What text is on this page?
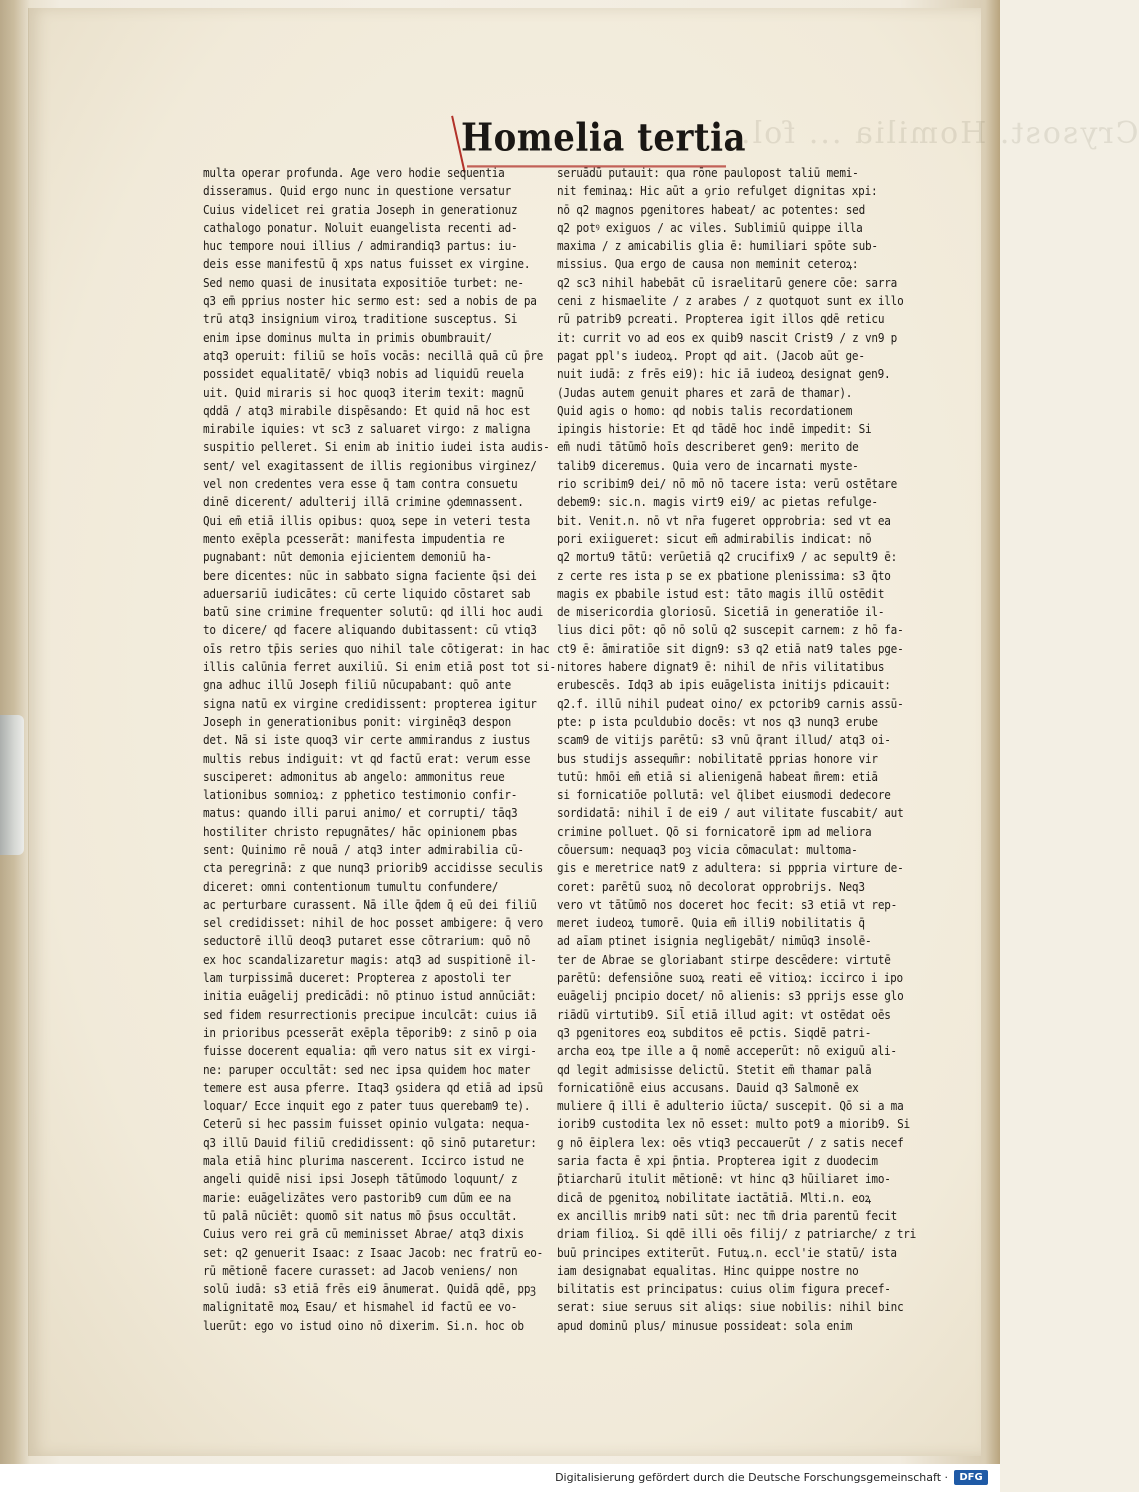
Crysost. Homilia ... fol.
Homelia tertia
multa operar profunda. Age vero hodie sequentia
disseramus. Quid ergo nunc in questione versatur
Cuius videlicet rei gratia Joseph in generationuz
cathalogo ponatur. Noluit euangelista recenti ad-
huc tempore noui illius / admirandiq3 partus: iu-
deis esse manifestū q̄ xps natus fuisset ex virgine.
Sed nemo quasi de inusitata expositiōe turbet: ne-
q3 em̄ pprius noster hic sermo est: sed a nobis de pa
trū atq3 insignium viroꝝ traditione susceptus. Si
enim ipse dominus multa in primis obumbrauit/
atq3 operuit: filiū se hoīs vocās: necillā quā cū p̄re
possidet equalitatē/ vbiq3 nobis ad liquidū reuela
uit. Quid miraris si hoc quoq3 iterim texit: magnū
qddā / atq3 mirabile dispēsando: Et quid nā hoc est
mirabile iquies: vt sc3 z saluaret virgo: z maligna
suspitio pelleret. Si enim ab initio iudei ista audis-
sent/ vel exagitassent de illis regionibus virginez/
vel non credentes vera esse q̄ tam contra consuetu
dinē dicerent/ adulterij illā crimine ꝯdemnassent.
Qui em̄ etiā illis opibus: quoꝝ sepe in veteri testa
mento exēpla pcesserāt: manifesta impudentia re
pugnabant: nūt demonia ejicientem demoniū ha-
bere dicentes: nūc in sabbato signa faciente q̄si dei
aduersariū iudicātes: cū certe liquido cōstaret sab
batū sine crimine frequenter solutū: qd illi hoc audi
to dicere/ qd facere aliquando dubitassent: cū vtiq3
oīs retro tp̄is series quo nihil tale cōtigerat: in hac
illis calūnia ferret auxiliū. Si enim etiā post tot si-
gna adhuc illū Joseph filiū nūcupabant: quō ante
signa natū ex virgine credidissent: propterea igitur
Joseph in generationibus ponit: virginēq3 despon
det. Nā si iste quoq3 vir certe ammirandus z iustus
multis rebus indiguit: vt qd factū erat: verum esse
susciperet: admonitus ab angelo: ammonitus reue
lationibus somnioꝝ: z pphetico testimonio confir-
matus: quando illi parui animo/ et corrupti/ tāq3
hostiliter christo repugnātes/ hāc opinionem pbas
sent: Quinimo rē nouā / atq3 inter admirabilia cū-
cta peregrinā: z que nunq3 priorib9 accidisse seculis
diceret: omni contentionum tumultu confundere/
ac perturbare curassent. Nā ille q̄dem q̄ eū dei filiū
sel credidisset: nihil de hoc posset ambigere: q̄ vero
seductorē illū deoq3 putaret esse cōtrarium: quō nō
ex hoc scandalizaretur magis: atq3 ad suspitionē il-
lam turpissimā duceret: Propterea z apostoli ter
initia euāgelij predicādi: nō ptinuo istud annūciāt:
sed fidem resurrectionis precipue inculcāt: cuius iā
in prioribus pcesserāt exēpla tēporib9: z sinō p oia
fuisse docerent equalia: qm̄ vero natus sit ex virgi-
ne: paruper occultāt: sed nec ipsa quidem hoc mater
temere est ausa pferre. Itaq3 ꝯsidera qd etiā ad ipsū
loquar/ Ecce inquit ego z pater tuus querebam9 te).
Ceterū si hec passim fuisset opinio vulgata: nequa-
q3 illū Dauid filiū credidissent: qō sinō putaretur:
mala etiā hinc plurima nascerent. Iccirco istud ne
angeli quidē nisi ipsi Joseph tātūmodo loquunt/ z
marie: euāgelizātes vero pastorib9 cum dūm ee na
tū palā nūciēt: quomō sit natus mō p̄sus occultāt.
Cuius vero rei grā cū meminisset Abrae/ atq3 dixis
set: q2 genuerit Isaac: z Isaac Jacob: nec fratrū eo-
rū mētionē facere curasset: ad Jacob veniens/ non
solū iudā: s3 etiā frēs ei9 ānumerat. Quidā qdē, ppꝫ
malignitatē moꝝ Esau/ et hismahel id factū ee vo-
luerūt: ego vo istud oino nō dixerim. Si.n. hoc ob
seruādū putauit: qua rōne paulopost taliū memi-
nit feminaꝝ: Hic aūt a ꝯrio refulget dignitas xpi:
nō q2 magnos pgenitores habeat/ ac potentes: sed
q2 potꝰ exiguos / ac viles. Sublimiū quippe illa
maxima / z amicabilis glia ē: humiliari spōte sub-
missius. Qua ergo de causa non meminit ceteroꝝ:
q2 sc3 nihil habebāt cū israelitarū genere cōe: sarra
ceni z hismaelite / z arabes / z quotquot sunt ex illo
rū patrib9 pcreati. Propterea igit illos qdē reticu
it: currit vo ad eos ex quib9 nascit Crist9 / z vn9 p
pagat ppl's iudeoꝝ. Propt qd ait. (Jacob aūt ge-
nuit iudā: z frēs ei9): hic iā iudeoꝝ designat gen9.
(Judas autem genuit phares et zarā de thamar).
Quid agis o homo: qd nobis talis recordationem
ipingis historie: Et qd tādē hoc indē impedit: Si
em̄ nudi tātūmō hoīs describeret gen9: merito de
talib9 diceremus. Quia vero de incarnati myste-
rio scribim9 dei/ nō mō nō tacere ista: verū ostētare
debem9: sic.n. magis virt9 ei9/ ac pietas refulge-
bit. Venit.n. nō vt nr̄a fugeret opprobria: sed vt ea
pori exiigueret: sicut em̄ admirabilis indicat: nō
q2 mortu9 tātū: verūetiā q2 crucifix9 / ac sepult9 ē:
z certe res ista p se ex pbatione plenissima: s3 q̄to
magis ex pbabile istud est: tāto magis illū ostēdit
de misericordia gloriosū. Sicetiā in generatiōe il-
lius dici pōt: qō nō solū q2 suscepit carnem: z hō fa-
ct9 ē: āmiratiōe sit dign9: s3 q2 etiā nat9 tales pge-
nitores habere dignat9 ē: nihil de nr̄is vilitatibus
erubescēs. Idq3 ab ipis euāgelista initijs pdicauit:
q2.f. illū nihil pudeat oino/ ex pctorib9 carnis assū-
pte: p ista pculdubio docēs: vt nos q3 nunq3 erube
scam9 de vitijs parētū: s3 vnū q̄rant illud/ atq3 oi-
bus studijs assequm̄r: nobilitatē pprias honore vir
tutū: hmōi em̄ etiā si alienigenā habeat m̄rem: etiā
si fornicatiōe pollutā: vel q̄libet eiusmodi dedecore
sordidatā: nihil ī de ei9 / aut vilitate fuscabit/ aut
crimine polluet. Qō si fornicatorē ipm ad meliora
cōuersum: nequaq3 poꝫ vicia cōmaculat: multoma-
gis e meretrice nat9 z adultera: si pppria virture de-
coret: parētū suoꝝ nō decolorat opprobrijs. Neq3
vero vt tātūmō nos doceret hoc fecit: s3 etiā vt rep-
meret iudeoꝝ tumorē. Quia em̄ illi9 nobilitatis q̄
ad aīam ptinet isignia negligebāt/ nimūq3 insolē-
ter de Abrae se gloriabant stirpe descēdere: virtutē
parētū: defensiōne suoꝝ reati eē vitioꝝ: iccirco i ipo
euāgelij pncipio docet/ nō alienis: s3 pprijs esse glo
riādū virtutib9. Sil̄ etiā illud agit: vt ostēdat oēs
q3 pgenitores eoꝝ subditos eē pctis. Siqdē patri-
archa eoꝝ tpe ille a q̄ nomē acceperūt: nō exiguū ali-
qd legit admisisse delictū. Stetit em̄ thamar palā
fornicatiōnē eius accusans. Dauid q3 Salmonē ex
muliere q̄ illi ē adulterio iūcta/ suscepit. Qō si a ma
iorib9 custodita lex nō esset: multo pot9 a miorib9. Si
g nō ēiplera lex: oēs vtiq3 peccauerūt / z satis necef
saria facta ē xpi p̄ntia. Propterea igit z duodecim
p̄tiarcharū itulit mētionē: vt hinc q3 hūiliaret imo-
dicā de pgenitoꝝ nobilitate iactātiā. Mlti.n. eoꝝ
ex ancillis mrib9 nati sūt: nec tm̄ dria parentū fecit
driam filioꝝ. Si qdē illi oēs filij/ z patriarche/ z tri
buū principes extiterūt. Futuꝝ.n. eccl'ie statū/ ista
iam designabat equalitas. Hinc quippe nostre no
bilitatis est principatus: cuius olim figura precef-
serat: siue seruus sit aliqs: siue nobilis: nihil binc
apud dominū plus/ minusue possideat: sola enim
Digitalisierung gefördert durch die Deutsche Forschungsgemeinschaft ·	DFG
